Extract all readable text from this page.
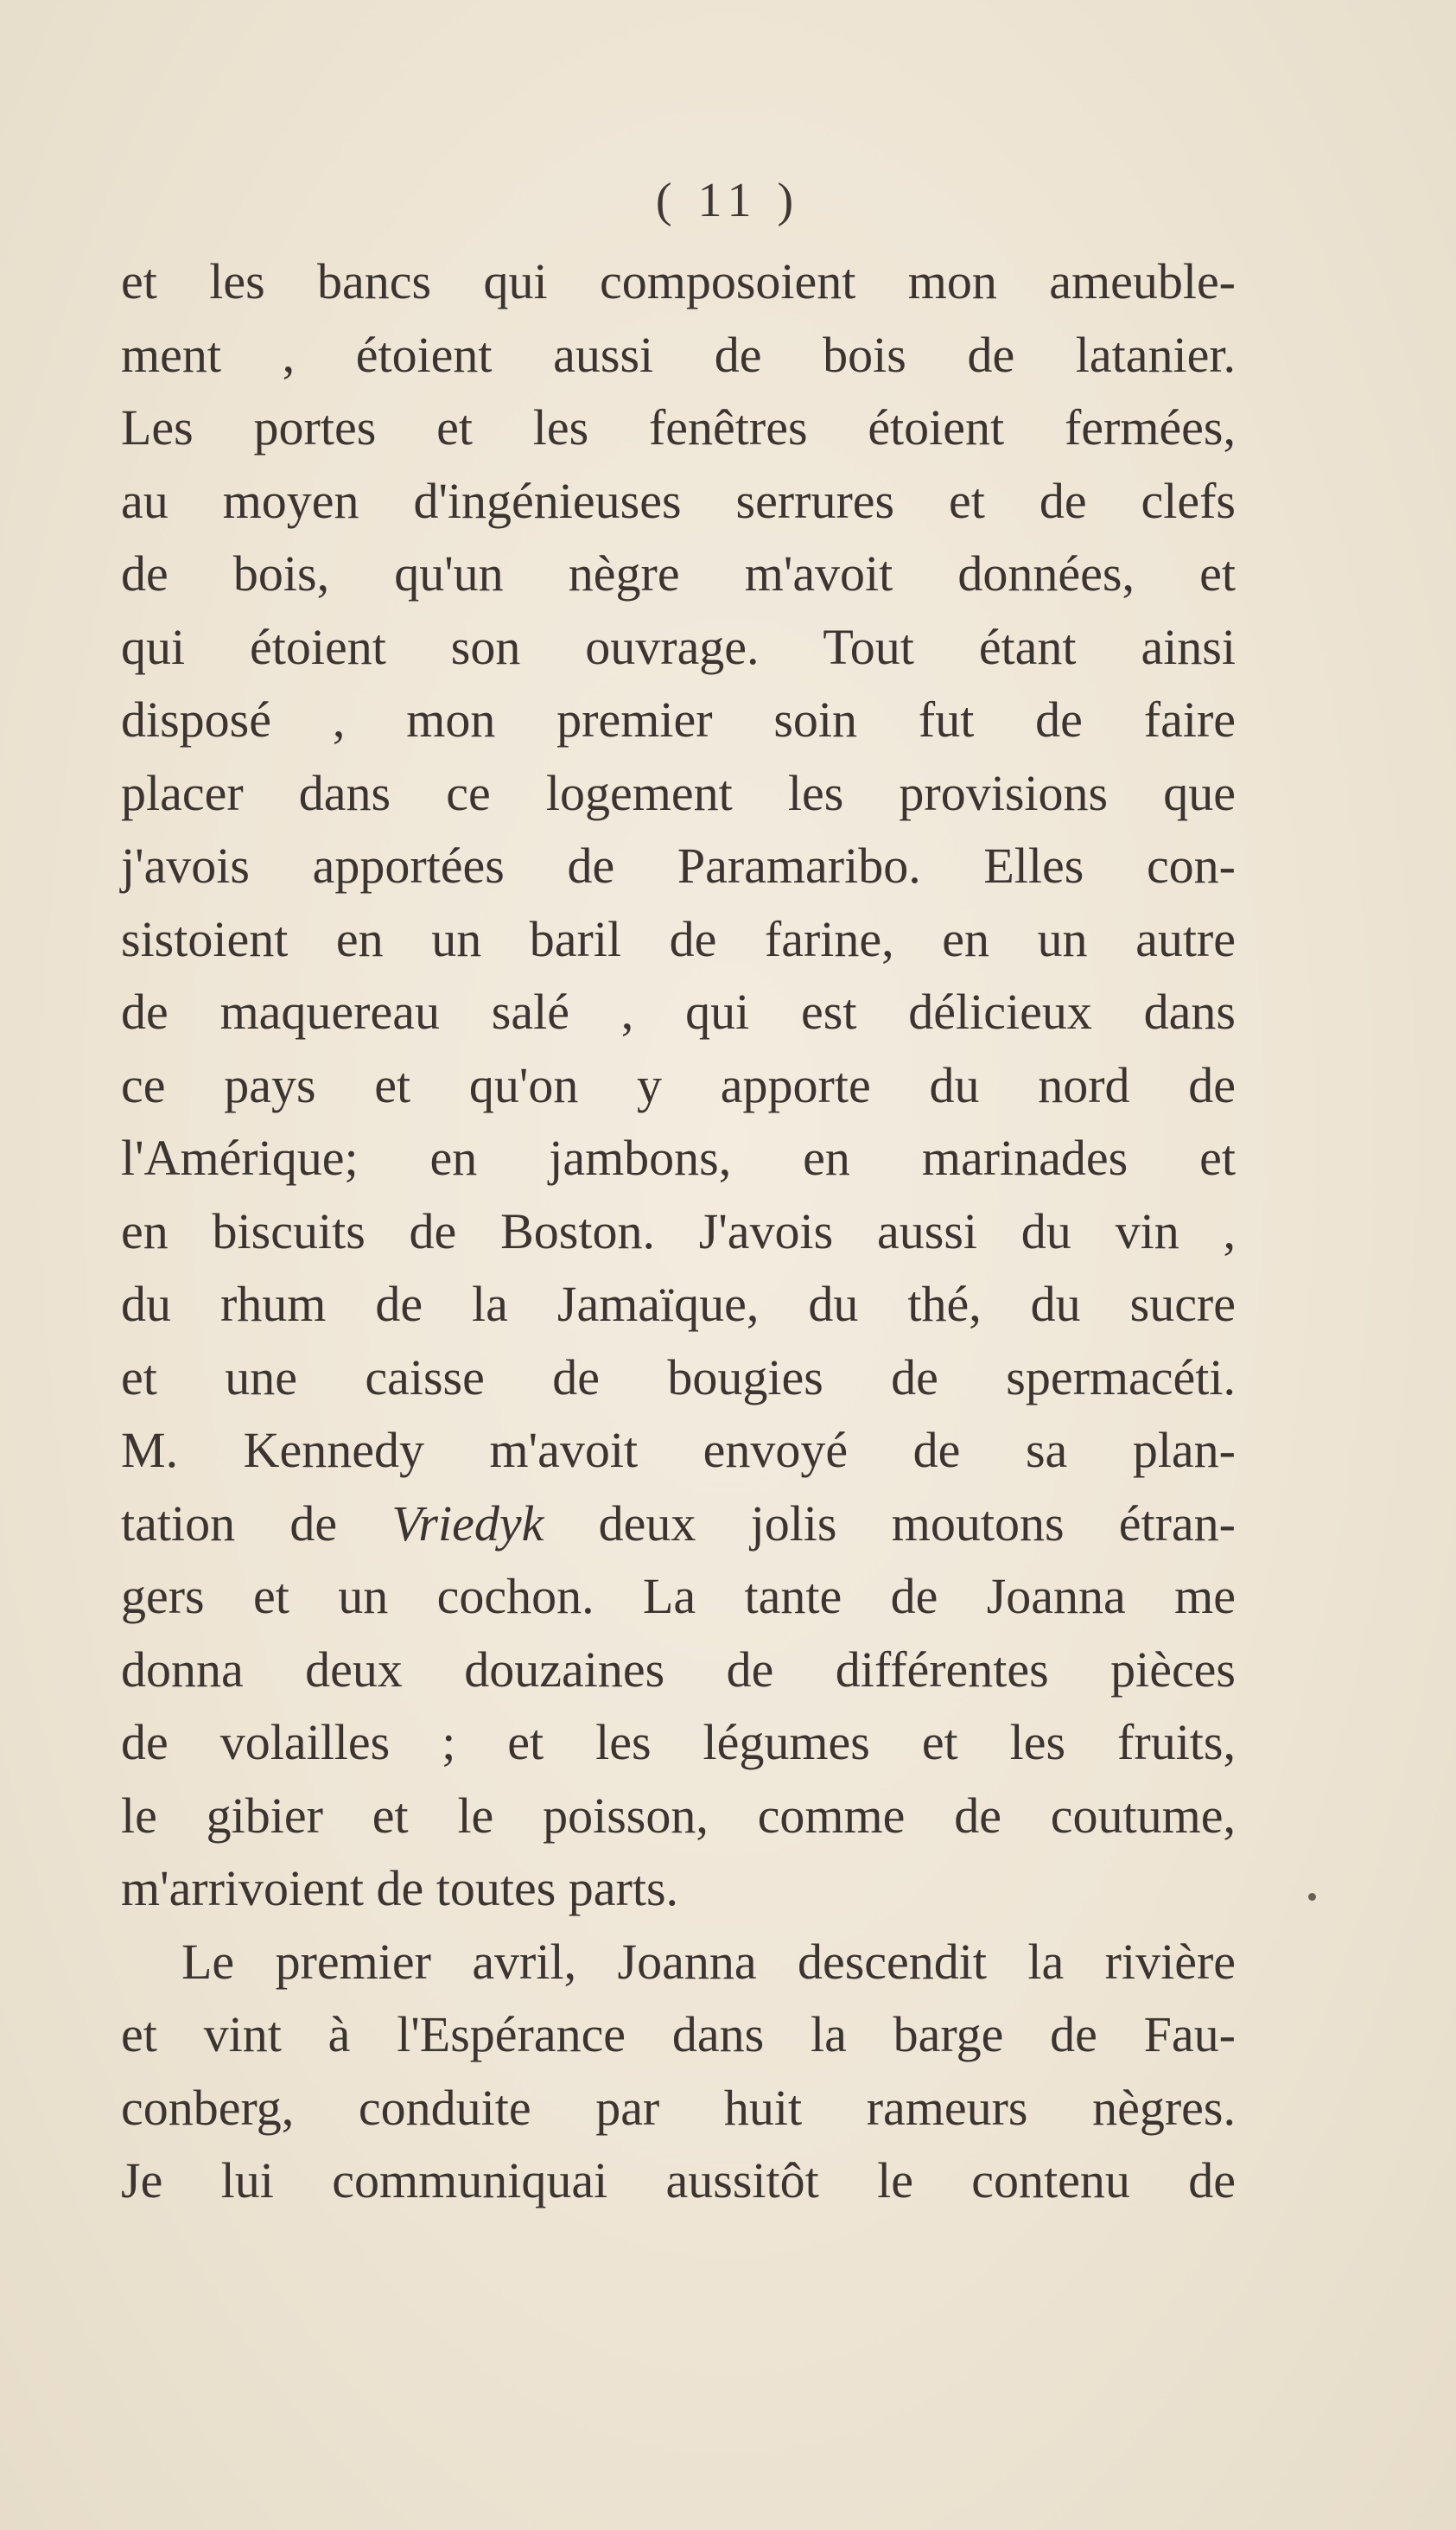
( 11 )
et les bancs qui composoient mon ameuble-
ment , étoient aussi de bois de latanier.
Les portes et les fenêtres étoient fermées,
au moyen d'ingénieuses serrures et de clefs
de bois, qu'un nègre m'avoit données, et
qui étoient son ouvrage. Tout étant ainsi
disposé , mon premier soin fut de faire
placer dans ce logement les provisions que
j'avois apportées de Paramaribo. Elles con-
sistoient en un baril de farine, en un autre
de maquereau salé , qui est délicieux dans
ce pays et qu'on y apporte du nord de
l'Amérique; en jambons, en marinades et
en biscuits de Boston. J'avois aussi du vin ,
du rhum de la Jamaïque, du thé, du sucre
et une caisse de bougies de spermacéti.
M. Kennedy m'avoit envoyé de sa plan-
tation de Vriedyk deux jolis moutons étran-
gers et un cochon. La tante de Joanna me
donna deux douzaines de différentes pièces
de volailles ; et les légumes et les fruits,
le gibier et le poisson, comme de coutume,
m'arrivoient de toutes parts.
Le premier avril, Joanna descendit la rivière
et vint à l'Espérance dans la barge de Fau-
conberg, conduite par huit rameurs nègres.
Je lui communiquai aussitôt le contenu de
